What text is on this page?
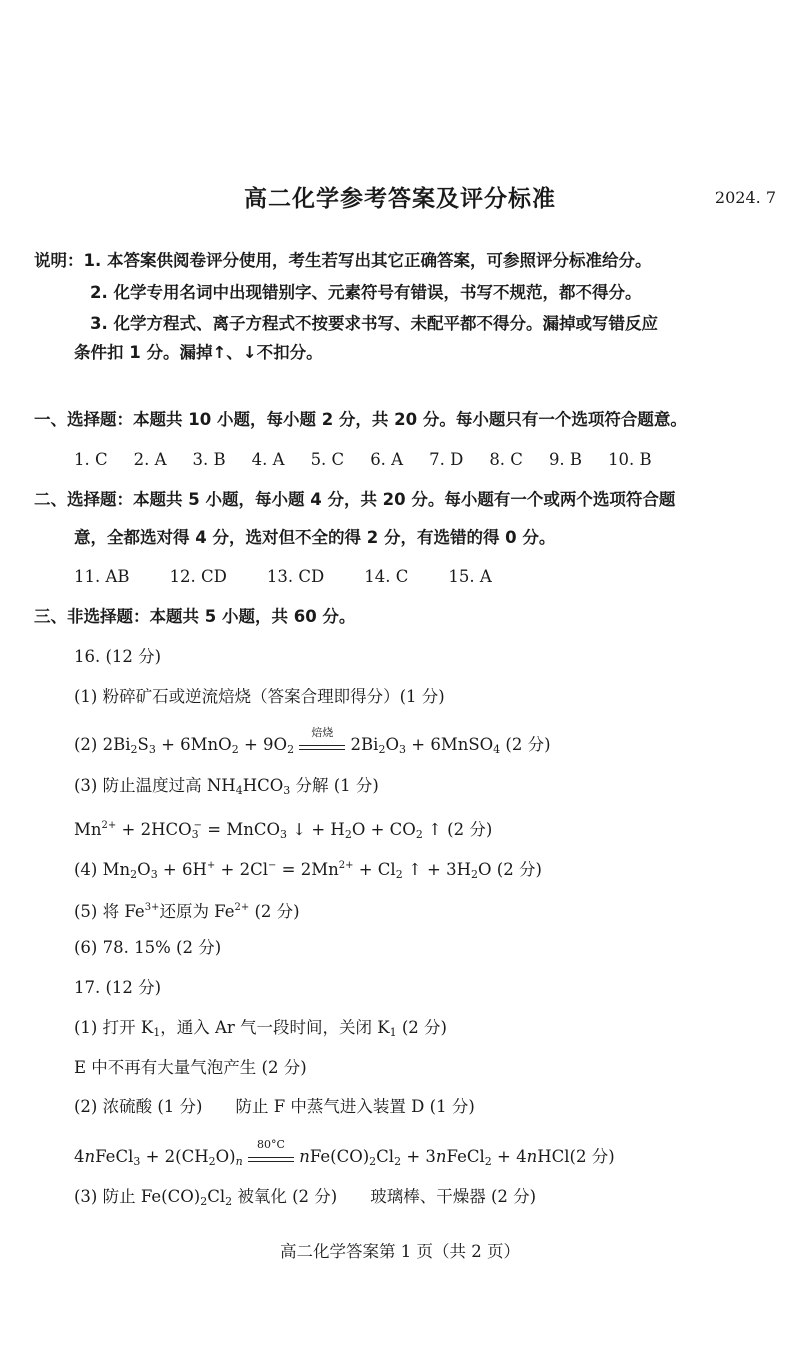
高二化学参考答案及评分标准	2024. 7
说明：1. 本答案供阅卷评分使用，考生若写出其它正确答案，可参照评分标准给分。
2. 化学专用名词中出现错别字、元素符号有错误，书写不规范，都不得分。
3. 化学方程式、离子方程式不按要求书写、未配平都不得分。漏掉或写错反应
条件扣 1 分。漏掉↑、↓不扣分。
一、选择题：本题共 10 小题，每小题 2 分，共 20 分。每小题只有一个选项符合题意。
1. C 2. A 3. B 4. A 5. C 6. A 7. D 8. C 9. B 10. B
二、选择题：本题共 5 小题，每小题 4 分，共 20 分。每小题有一个或两个选项符合题
意，全都选对得 4 分，选对但不全的得 2 分，有选错的得 0 分。
11. AB 12. CD 13. CD 14. C 15. A
三、非选择题：本题共 5 小题，共 60 分。
16. (12 分)
(1) 粉碎矿石或逆流焙烧（答案合理即得分）(1 分)
(2) $2Bi_2S_3 + 6MnO_2 + 9O_2$
焙烧
$2Bi_2O_3$ + 6MnSO$_4$ (2 分)
(3) 防止温度过高 $NH_4HCO_3$ 分解 (1 分)
$Mn^{2+} + 2HCO_3^-$ = MnCO$_3$ ↓ + $H_2O + CO_2$ ↑ (2 分)
(4) $Mn_2O_3 + 6H^+ + 2Cl^- = 2Mn^{2+} + Cl_2$ ↑ + $3H_2O$ (2 分)
(5) 将 $Fe^{3+}$还原为 $Fe^{2+}$ (2 分)
(6) 78. 15% (2 分)
17. (12 分)
(1) 打开 $K_1$，通入 Ar 气一段时间，关闭 $K_1$ (2 分)
E 中不再有大量气泡产生 (2 分)
(2) 浓硫酸 (1 分)　　防止 F 中蒸气进入装置 D (1 分)
4nFeCl$_3$ + $2(CH_2O)_n$
80°C
$nFe(CO)_2Cl_2$ + 3nFeCl$_2$ + 4nHCl(2 分)
(3) 防止 $Fe(CO)_2Cl_2$ 被氧化 (2 分)　　玻璃棒、干燥器 (2 分)
高二化学答案第 1 页（共 2 页）
